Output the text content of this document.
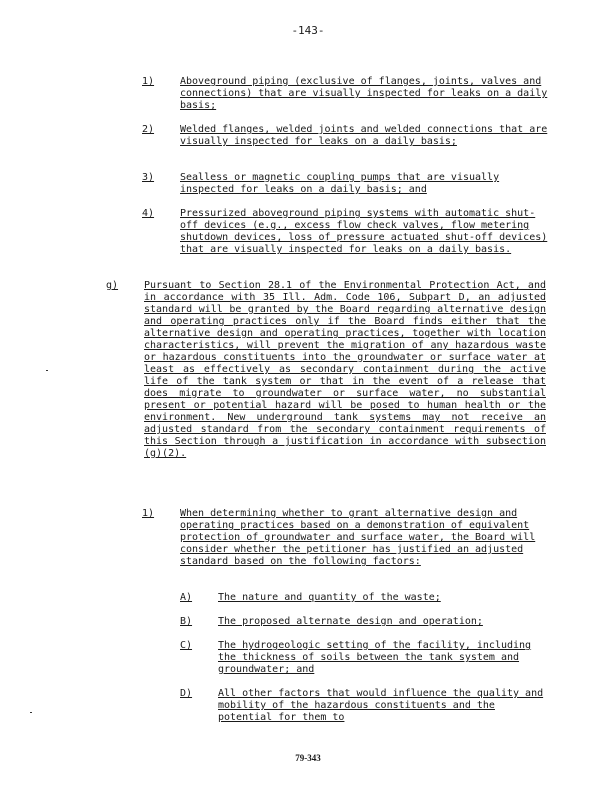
-143-
1)	Aboveground piping (exclusive of flanges, joints, valves and connections) that are visually inspected for leaks on a daily basis;
2)	Welded flanges, welded joints and welded connections that are visually inspected for leaks on a daily basis;
3)	Sealless or magnetic coupling pumps that are visually inspected for leaks on a daily basis; and
4)	Pressurized aboveground piping systems with automatic shut-off devices (e.g., excess flow check valves, flow metering shutdown devices, loss of pressure actuated shut-off devices) that are visually inspected for leaks on a daily basis.
g)	Pursuant to Section 28.1 of the Environmental Protection Act, and in accordance with 35 Ill. Adm. Code 106, Subpart D, an adjusted standard will be granted by the Board regarding alternative design and operating practices only if the Board finds either that the alternative design and operating practices, together with location characteristics, will prevent the migration of any hazardous waste or hazardous constituents into the groundwater or surface water at least as effectively as secondary containment during the active life of the tank system or that in the event of a release that does migrate to groundwater or surface water, no substantial present or potential hazard will be posed to human health or the environment. New underground tank systems may not receive an adjusted standard from the secondary containment requirements of this Section through a justification in accordance with subsection (g)(2).
1)	When determining whether to grant alternative design and operating practices based on a demonstration of equivalent protection of groundwater and surface water, the Board will consider whether the petitioner has justified an adjusted standard based on the following factors:
A)	The nature and quantity of the waste;
B)	The proposed alternate design and operation;
C)	The hydrogeologic setting of the facility, including the thickness of soils between the tank system and groundwater; and
D)	All other factors that would influence the quality and mobility of the hazardous constituents and the potential for them to
79-343
